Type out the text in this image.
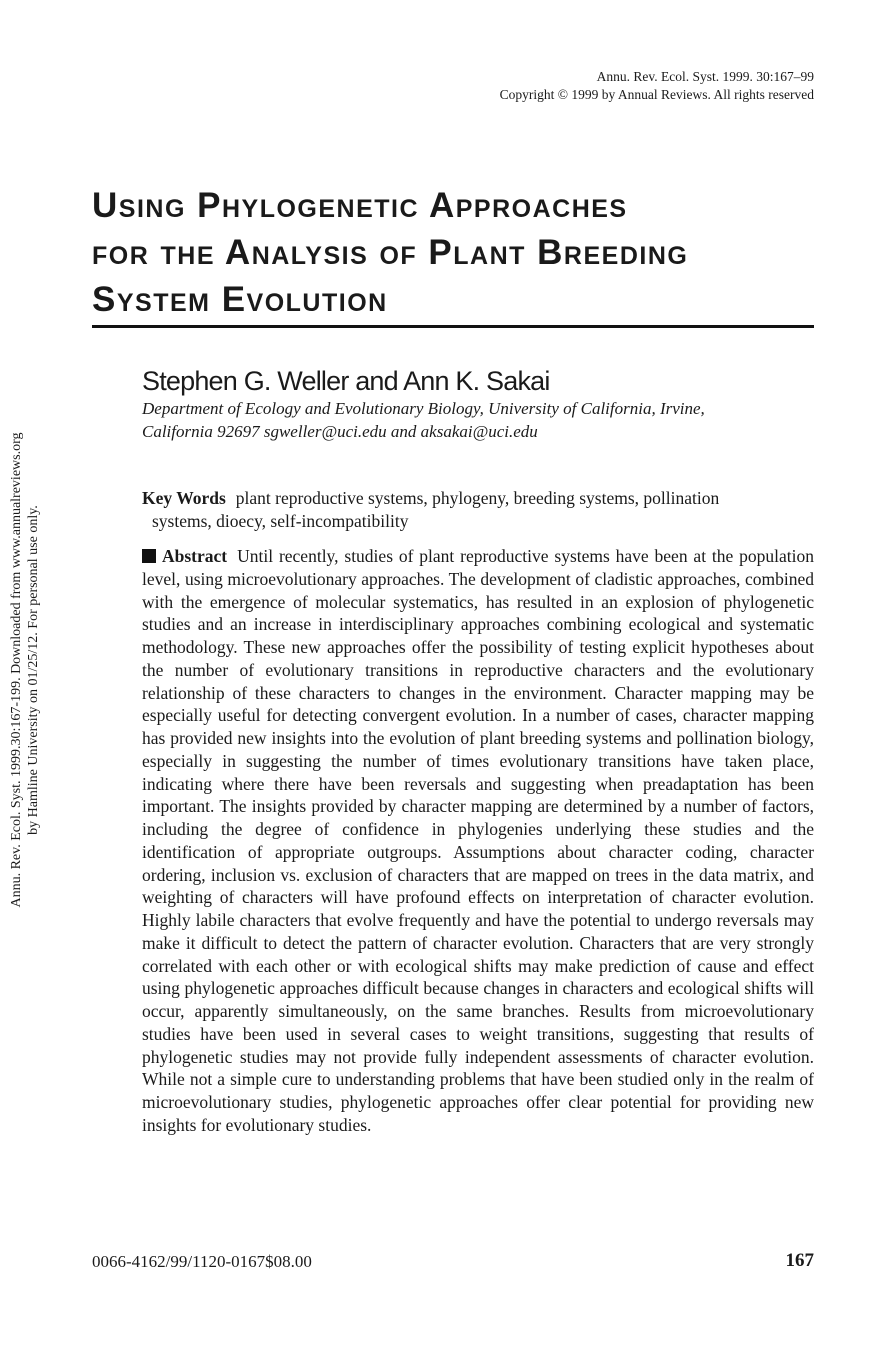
Annu. Rev. Ecol. Syst. 1999. 30:167–99
Copyright © 1999 by Annual Reviews. All rights reserved
Using Phylogenetic Approaches
for the Analysis of Plant Breeding
System Evolution
Stephen G. Weller and Ann K. Sakai
Department of Ecology and Evolutionary Biology, University of California, Irvine,
California 92697 sgweller@uci.edu and aksakai@uci.edu
Key Words plant reproductive systems, phylogeny, breeding systems, pollination
systems, dioecy, self-incompatibility
Abstract Until recently, studies of plant reproductive systems have been at the population level, using microevolutionary approaches. The development of cladistic approaches, combined with the emergence of molecular systematics, has resulted in an explosion of phylogenetic studies and an increase in interdisciplinary approaches combining ecological and systematic methodology. These new approaches offer the possibility of testing explicit hypotheses about the number of evolutionary transitions in reproductive characters and the evolutionary relationship of these characters to changes in the environment. Character mapping may be especially useful for detecting convergent evolution. In a number of cases, character mapping has provided new insights into the evolution of plant breeding systems and pollination biology, especially in suggesting the number of times evolutionary transitions have taken place, indicating where there have been reversals and suggesting when preadaptation has been important. The insights provided by character mapping are determined by a number of factors, including the degree of confidence in phylogenies underlying these studies and the identification of appropriate outgroups. Assumptions about character coding, character ordering, inclusion vs. exclusion of characters that are mapped on trees in the data matrix, and weighting of characters will have profound effects on interpretation of character evolution. Highly labile characters that evolve frequently and have the potential to undergo reversals may make it difficult to detect the pattern of character evolution. Characters that are very strongly correlated with each other or with ecological shifts may make prediction of cause and effect using phylogenetic approaches difficult because changes in characters and ecological shifts will occur, apparently simultaneously, on the same branches. Results from microevolutionary studies have been used in several cases to weight transitions, suggesting that results of phylogenetic studies may not provide fully independent assessments of character evolution. While not a simple cure to understanding problems that have been studied only in the realm of microevolutionary studies, phylogenetic approaches offer clear potential for providing new insights for evolutionary studies.
Annu. Rev. Ecol. Syst. 1999.30:167-199. Downloaded from www.annualreviews.org by Hamline University on 01/25/12. For personal use only.
0066-4162/99/1120-0167$08.00	167
